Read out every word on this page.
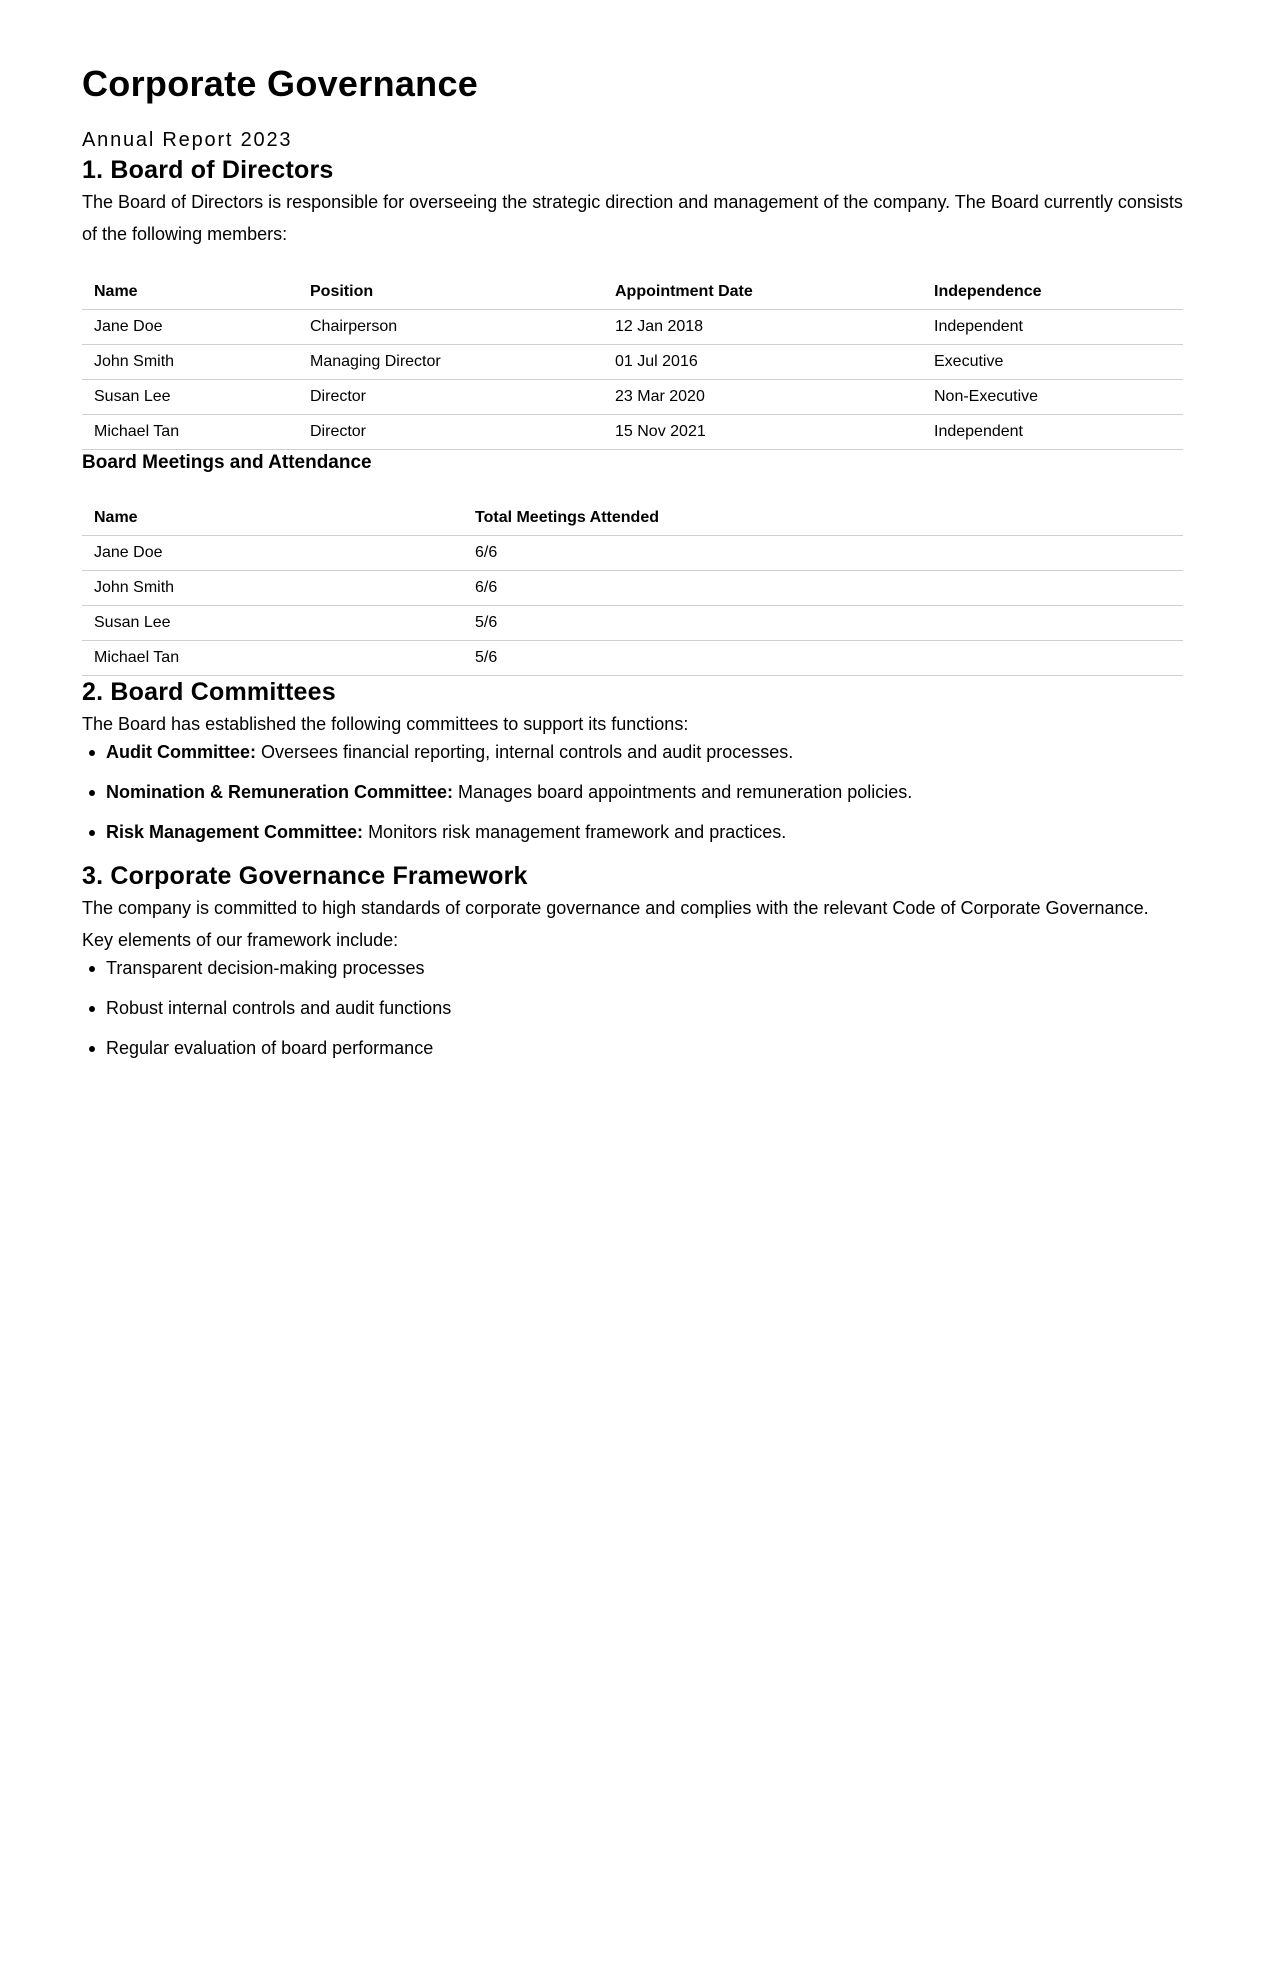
Corporate Governance
Annual Report 2023
1. Board of Directors

The Board of Directors is responsible for overseeing the strategic direction and management of the company. The Board currently consists of the following members:

Name	Position	Appointment Date	Independence
Jane Doe	Chairperson	12 Jan 2018	Independent
John Smith	Managing Director	01 Jul 2016	Executive
Susan Lee	Director	23 Mar 2020	Non-Executive
Michael Tan	Director	15 Nov 2021	Independent
Board Meetings and Attendance
Name	Total Meetings Attended
Jane Doe	6/6
John Smith	6/6
Susan Lee	5/6
Michael Tan	5/6
2. Board Committees

The Board has established the following committees to support its functions:

Audit Committee: Oversees financial reporting, internal controls and audit processes.
Nomination & Remuneration Committee: Manages board appointments and remuneration policies.
Risk Management Committee: Monitors risk management framework and practices.
3. Corporate Governance Framework

The company is committed to high standards of corporate governance and complies with the relevant Code of Corporate Governance. Key elements of our framework include:

Transparent decision-making processes
Robust internal controls and audit functions
Regular evaluation of board performance
